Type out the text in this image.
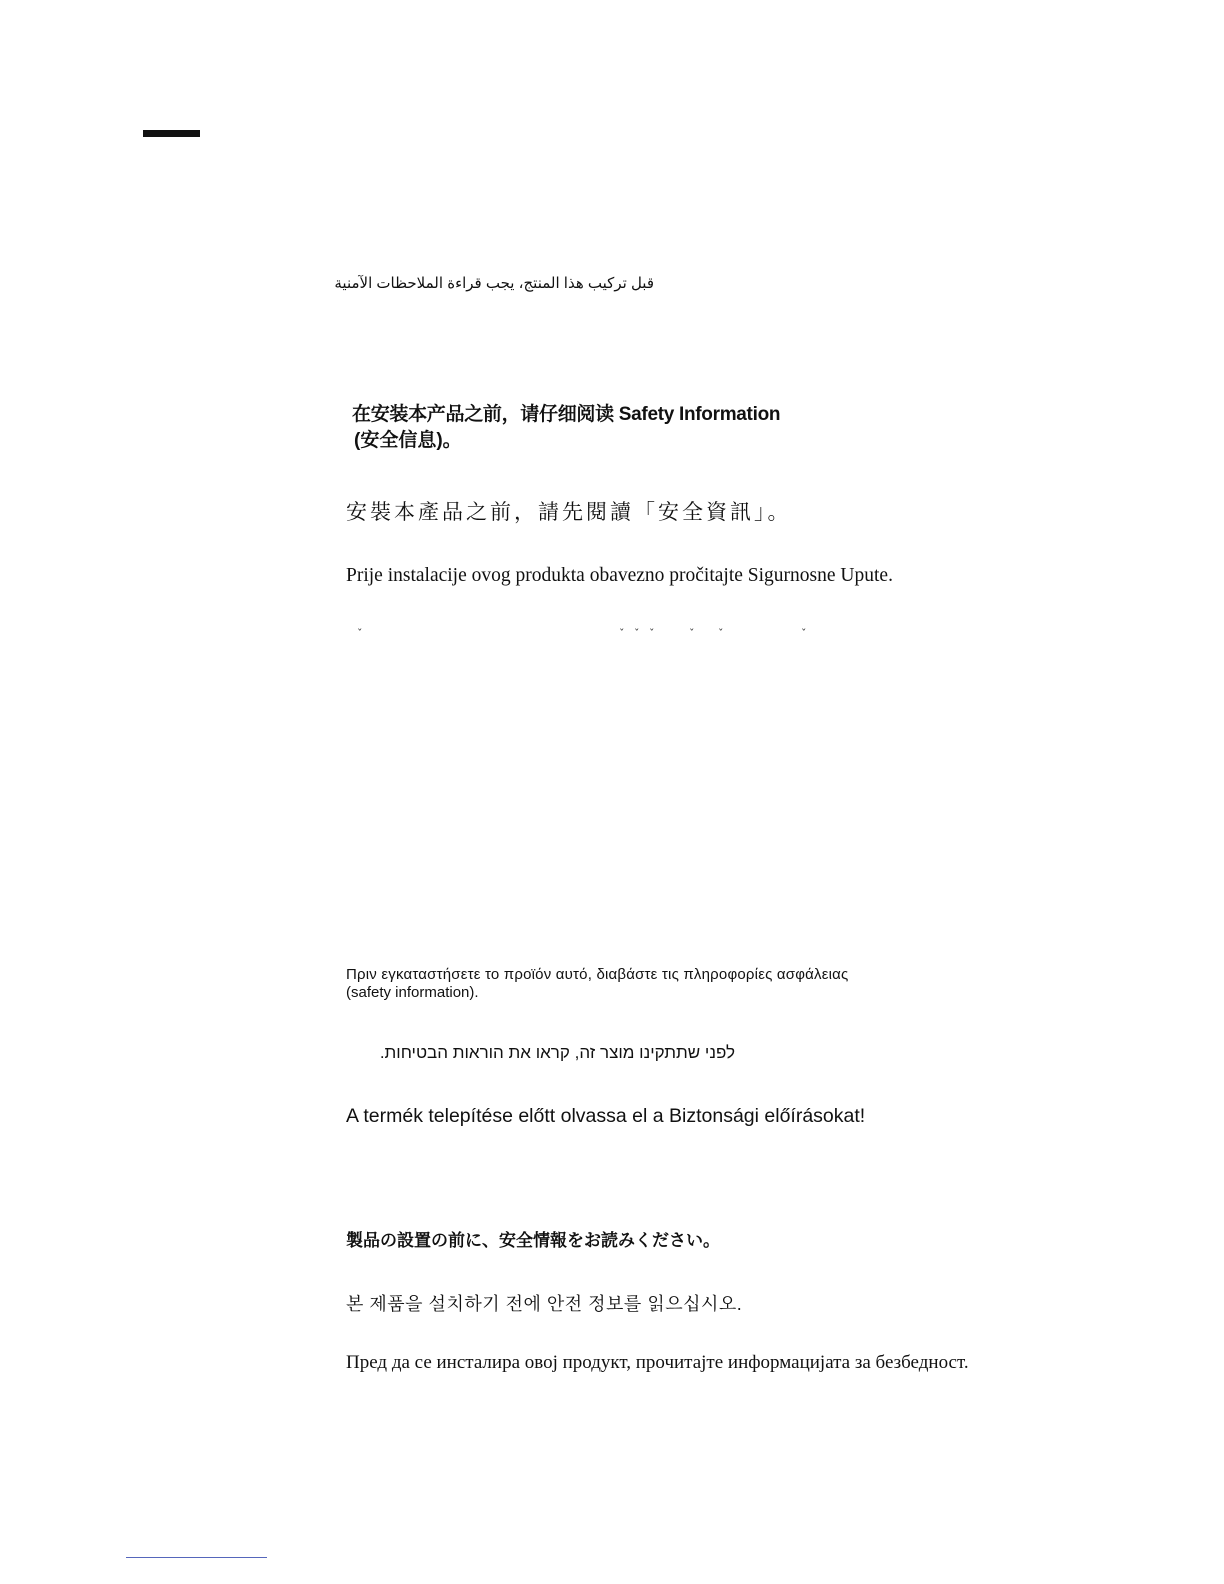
قبل تركيب هذا المنتج، يجب قراءة الملاحظات الآمنية

在安装本产品之前，请仔细阅读 Safety Information

(安全信息)。

安裝本產品之前，請先閱讀「安全資訊」。

Prije instalacije ovog produkta obavezno pročitajte Sigurnosne Upute.

ˇ	ˇ ˇ ˇ	ˇ ˇ	ˇ

Πριν εγκαταστήσετε το προϊόν αυτό, διαβάστε τις πληροφορίες ασφάλειας

(safety information).

לפני שתתקינו מוצר זה, קראו את הוראות הבטיחות.

A termék telepítése előtt olvassa el a Biztonsági előírásokat!

製品の設置の前に、安全情報をお読みください。

본 제품을 설치하기 전에 안전 정보를 읽으십시오.

Пред да се инсталира овој продукт, прочитајте информацијата за безбедност.
